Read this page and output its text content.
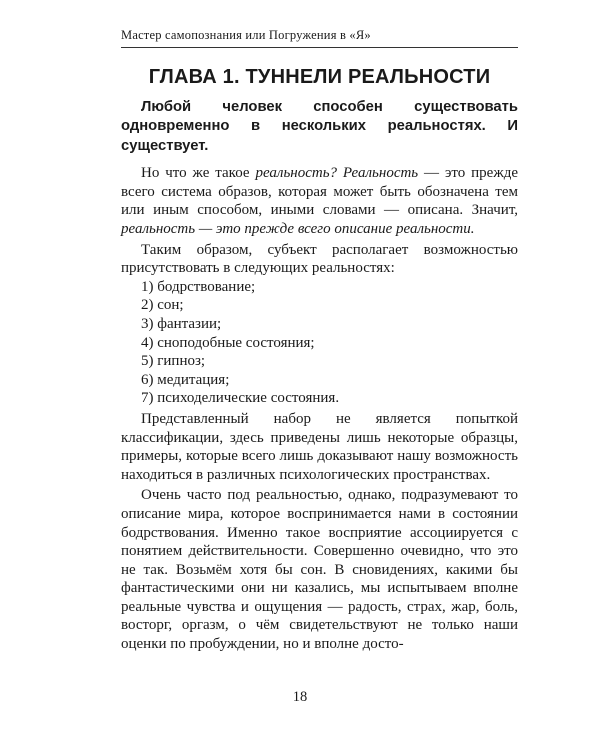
Мастер самопознания или Погружения в «Я»
ГЛАВА 1. ТУННЕЛИ РЕАЛЬНОСТИ

Любой человек способен существовать одновременно в нескольких реальностях. И существует.

Но что же такое реальность? Реальность — это прежде всего система образов, которая может быть обозначена тем или иным способом, иными словами — описана. Значит, реальность — это прежде всего описание реальности.

Таким образом, субъект располагает возможностью присутствовать в следующих реальностях:

1) бодрствование;
2) сон;
3) фантазии;
4) сноподобные состояния;
5) гипноз;
6) медитация;
7) психоделические состояния.

Представленный набор не является попыткой классификации, здесь приведены лишь некоторые образцы, примеры, которые всего лишь доказывают нашу возможность находиться в различных психологических пространствах.

Очень часто под реальностью, однако, подразумевают то описание мира, которое воспринимается нами в состоянии бодрствования. Именно такое восприятие ассоциируется с понятием действительности. Совершенно очевидно, что это не так. Возьмём хотя бы сон. В сновидениях, какими бы фантастическими они ни казались, мы испытываем вполне реальные чувства и ощущения — радость, страх, жар, боль, восторг, оргазм, о чём свидетельствуют не только наши оценки по пробуждении, но и вполне досто-

18
